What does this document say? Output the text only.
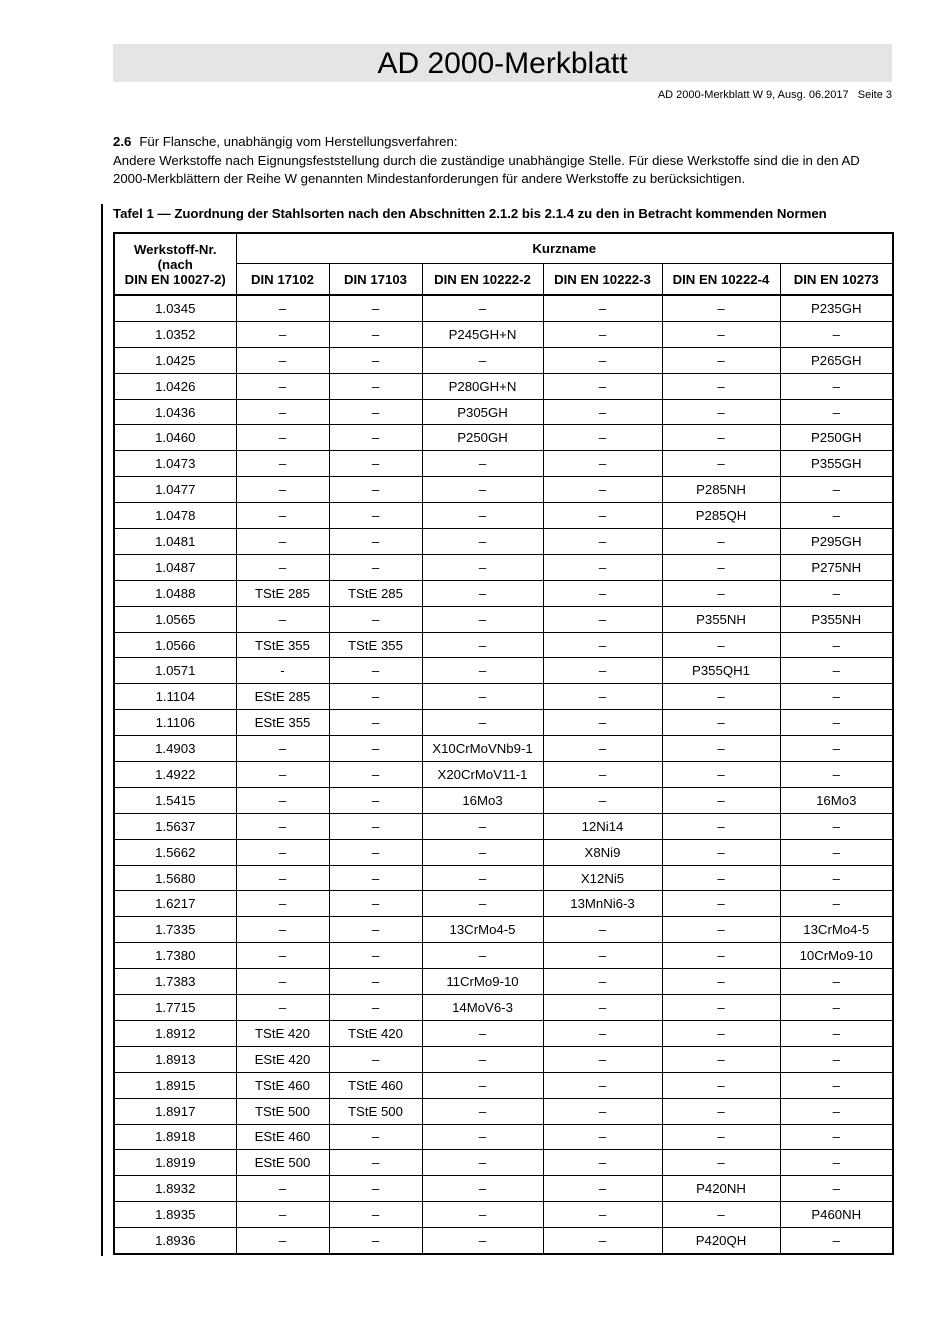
AD 2000-Merkblatt
AD 2000-Merkblatt W 9, Ausg. 06.2017   Seite 3

2.6 Für Flansche, unabhängig vom Herstellungsverfahren:

Andere Werkstoffe nach Eignungsfeststellung durch die zuständige unabhängige Stelle. Für diese Werkstoffe sind die in den AD 2000-Merkblättern der Reihe W genannten Mindestanforderungen für andere Werkstoffe zu berücksichtigen.

Tafel 1 — Zuordnung der Stahlsorten nach den Abschnitten 2.1.2 bis 2.1.4 zu den in Betracht kommenden Normen
Werkstoff-Nr.
(nach
DIN EN 10027-2)	Kurzname					
	DIN 17102	DIN 17103	DIN EN 10222-2	DIN EN 10222-3	DIN EN 10222-4	DIN EN 10273
1.0345	–	–	–	–	–	P235GH
1.0352	–	–	P245GH+N	–	–	–
1.0425	–	–	–	–	–	P265GH
1.0426	–	–	P280GH+N	–	–	–
1.0436	–	–	P305GH	–	–	–
1.0460	–	–	P250GH	–	–	P250GH
1.0473	–	–	–	–	–	P355GH
1.0477	–	–	–	–	P285NH	–
1.0478	–	–	–	–	P285QH	–
1.0481	–	–	–	–	–	P295GH
1.0487	–	–	–	–	–	P275NH
1.0488	TStE 285	TStE 285	–	–	–	–
1.0565	–	–	–	–	P355NH	P355NH
1.0566	TStE 355	TStE 355	–	–	–	–
1.0571	-	–	–	–	P355QH1	–
1.1104	EStE 285	–	–	–	–	–
1.1106	EStE 355	–	–	–	–	–
1.4903	–	–	X10CrMoVNb9-1	–	–	–
1.4922	–	–	X20CrMoV11-1	–	–	–
1.5415	–	–	16Mo3	–	–	16Mo3
1.5637	–	–	–	12Ni14	–	–
1.5662	–	–	–	X8Ni9	–	–
1.5680	–	–	–	X12Ni5	–	–
1.6217	–	–	–	13MnNi6-3	–	–
1.7335	–	–	13CrMo4-5	–	–	13CrMo4-5
1.7380	–	–	–	–	–	10CrMo9-10
1.7383	–	–	11CrMo9-10	–	–	–
1.7715	–	–	14MoV6-3	–	–	–
1.8912	TStE 420	TStE 420	–	–	–	–
1.8913	EStE 420	–	–	–	–	–
1.8915	TStE 460	TStE 460	–	–	–	–
1.8917	TStE 500	TStE 500	–	–	–	–
1.8918	EStE 460	–	–	–	–	–
1.8919	EStE 500	–	–	–	–	–
1.8932	–	–	–	–	P420NH	–
1.8935	–	–	–	–	–	P460NH
1.8936	–	–	–	–	P420QH	–
